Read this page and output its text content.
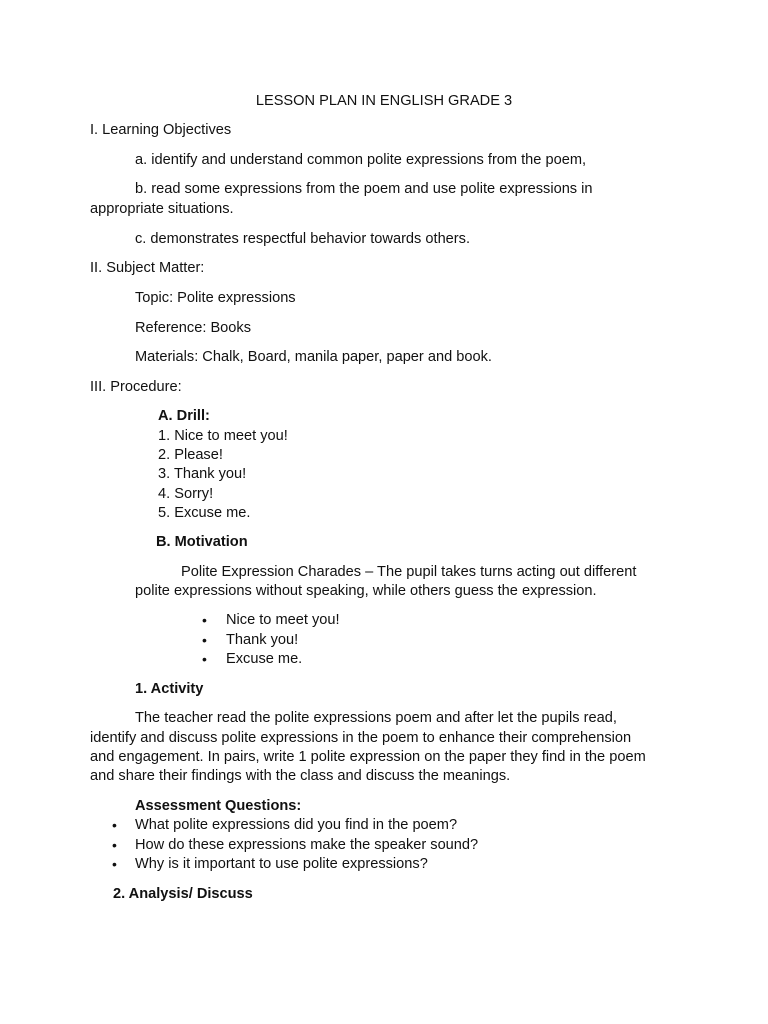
LESSON PLAN IN ENGLISH GRADE 3

I. Learning Objectives

a. identify and understand common polite expressions from the poem,

b. read some expressions from the poem and use polite expressions in

appropriate situations.

c. demonstrates respectful behavior towards others.

II. Subject Matter:

Topic: Polite expressions

Reference: Books

Materials: Chalk, Board, manila paper, paper and book.

III. Procedure:

A. Drill:

1. Nice to meet you!

2. Please!

3. Thank you!

4. Sorry!

5. Excuse me.

B. Motivation

Polite Expression Charades – The pupil takes turns acting out different

polite expressions without speaking, while others guess the expression.

• Nice to meet you!

• Thank you!

• Excuse me.

1. Activity

The teacher read the polite expressions poem and after let the pupils read,

identify and discuss polite expressions in the poem to enhance their comprehension

and engagement. In pairs, write 1 polite expression on the paper they find in the poem

and share their findings with the class and discuss the meanings.

Assessment Questions:

• What polite expressions did you find in the poem?

• How do these expressions make the speaker sound?

• Why is it important to use polite expressions?

2. Analysis/ Discuss
